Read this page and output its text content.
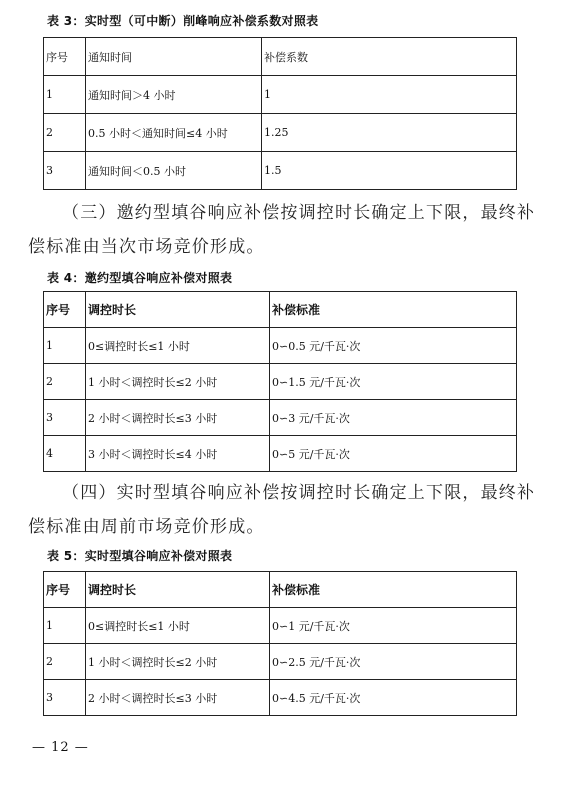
表 3：实时型（可中断）削峰响应补偿系数对照表
序号	通知时间	补偿系数
1	通知时间＞4 小时	1
2	0.5 小时＜通知时间≤4 小时	1.25
3	通知时间＜0.5 小时	1.5
（三）邀约型填谷响应补偿按调控时长确定上下限，最终补
偿标准由当次市场竞价形成。
表 4：邀约型填谷响应补偿对照表
序号	调控时长	补偿标准
1	0≤调控时长≤1 小时	0∽0.5 元/千瓦·次
2	1 小时＜调控时长≤2 小时	0∽1.5 元/千瓦·次
3	2 小时＜调控时长≤3 小时	0∽3 元/千瓦·次
4	3 小时＜调控时长≤4 小时	0∽5 元/千瓦·次
（四）实时型填谷响应补偿按调控时长确定上下限，最终补
偿标准由周前市场竞价形成。
表 5：实时型填谷响应补偿对照表
序号	调控时长	补偿标准
1	0≤调控时长≤1 小时	0∽1 元/千瓦·次
2	1 小时＜调控时长≤2 小时	0∽2.5 元/千瓦·次
3	2 小时＜调控时长≤3 小时	0∽4.5 元/千瓦·次
— 12 —
